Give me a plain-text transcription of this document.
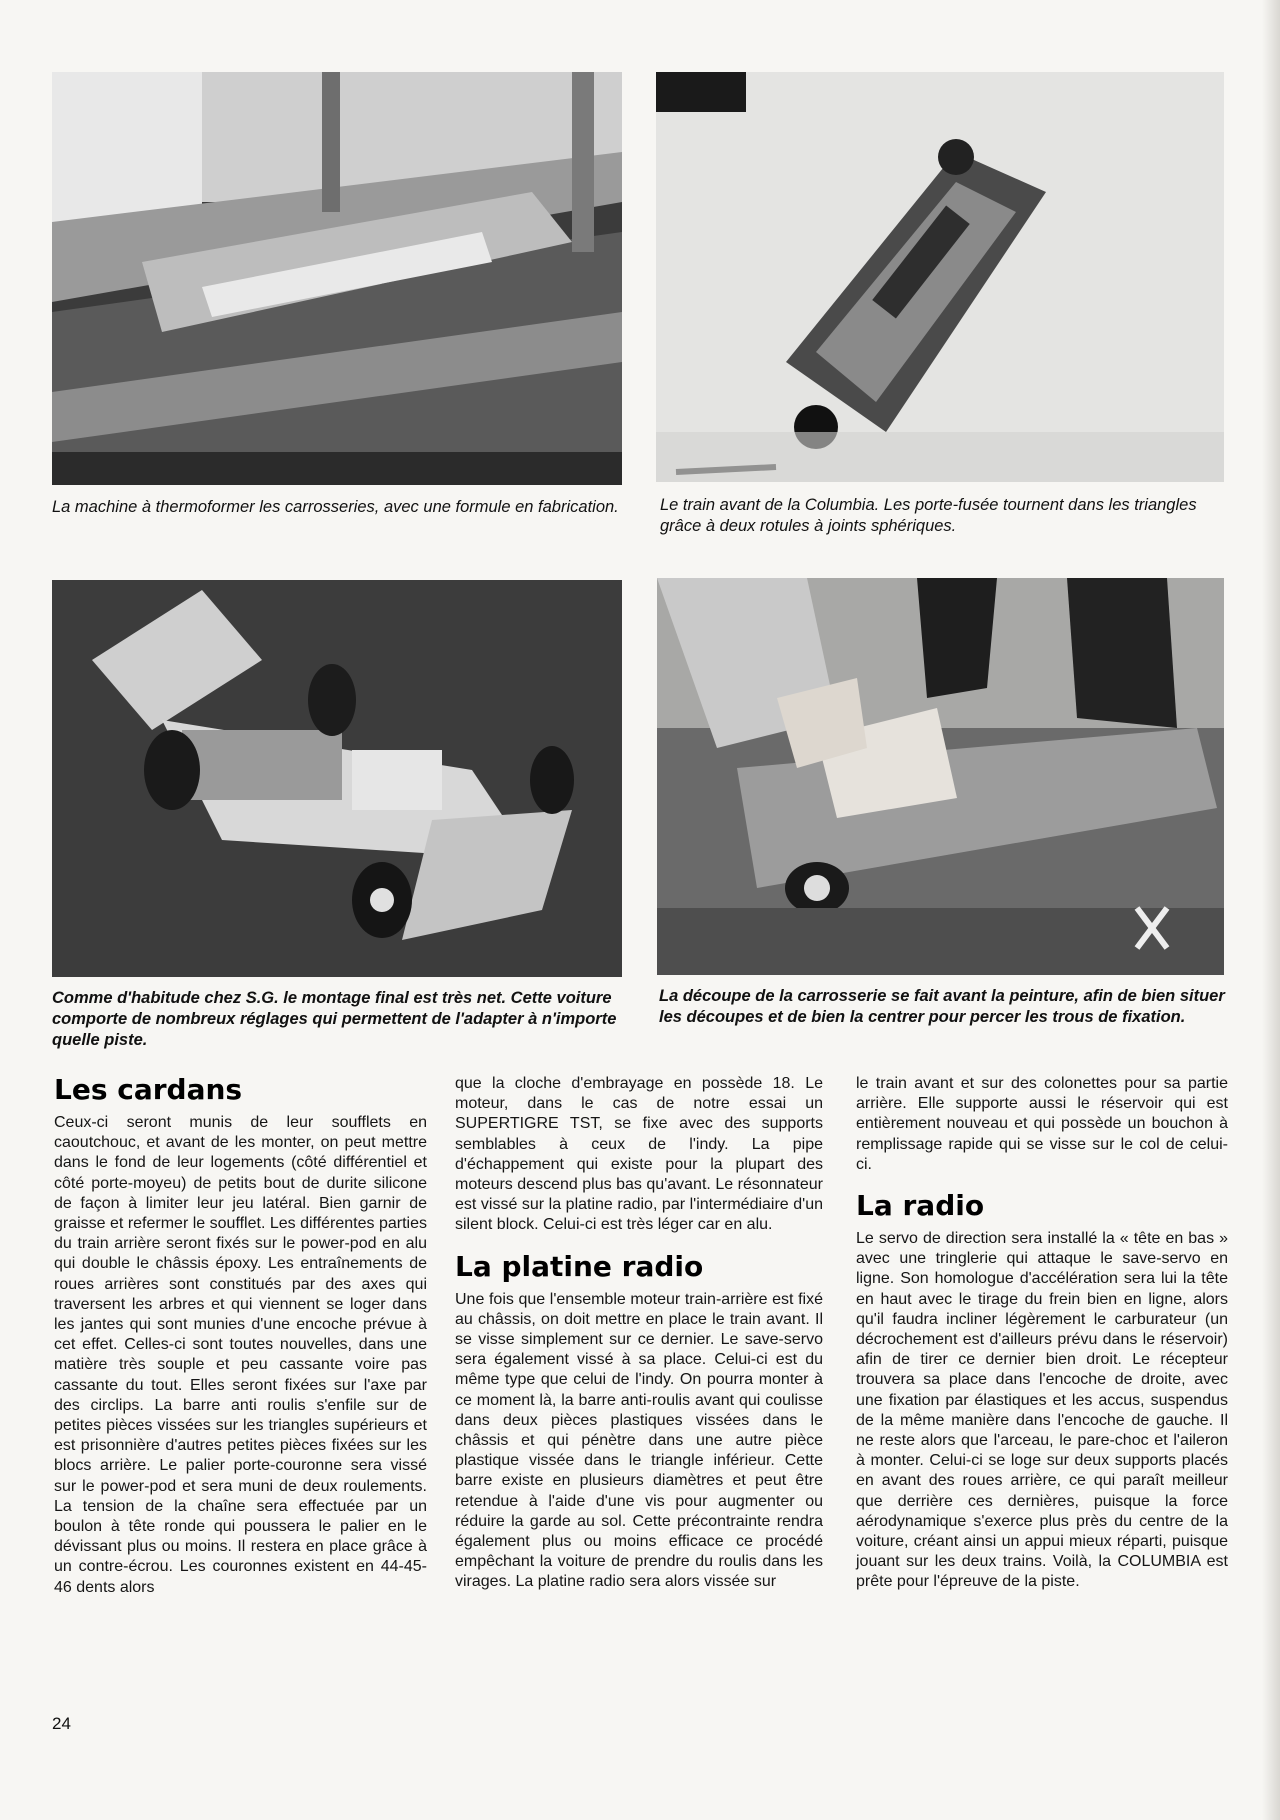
La machine à thermoformer les carrosseries, avec une formule en fabrication. Le train avant de la Columbia. Les porte-fusée tournent dans les triangles grâce à deux rotules à joints sphériques.

Comme d'habitude chez S.G. le montage final est très net. Cette voiture comporte de nombreux réglages qui permettent de l'adapter à n'importe quelle piste.

La découpe de la carrosserie se fait avant la peinture, afin de bien situer les découpes et de bien la centrer pour percer les trous de fixation.

Les cardans

Ceux-ci seront munis de leur soufflets en caoutchouc, et avant de les monter, on peut mettre dans le fond de leur logements (côté différentiel et côté porte-moyeu) de petits bout de durite silicone de façon à limiter leur jeu latéral. Bien garnir de graisse et refermer le soufflet. Les différentes parties du train arrière seront fixés sur le power-pod en alu qui double le châssis époxy. Les entraînements de roues arrières sont constitués par des axes qui traversent les arbres et qui viennent se loger dans les jantes qui sont munies d'une encoche prévue à cet effet. Celles-ci sont toutes nouvelles, dans une matière très souple et peu cassante voire pas cassante du tout. Elles seront fixées sur l'axe par des circlips. La barre anti roulis s'enfile sur de petites pièces vissées sur les triangles supérieurs et est prisonnière d'autres petites pièces fixées sur les blocs arrière. Le palier porte-couronne sera vissé sur le power-pod et sera muni de deux roulements. La tension de la chaîne sera effectuée par un boulon à tête ronde qui poussera le palier en le dévissant plus ou moins. Il restera en place grâce à un contre-écrou. Les couronnes existent en 44-45-46 dents alors

que la cloche d'embrayage en possède 18. Le moteur, dans le cas de notre essai un SUPERTIGRE TST, se fixe avec des supports semblables à ceux de l'indy. La pipe d'échappement qui existe pour la plupart des moteurs descend plus bas qu'avant. Le résonnateur est vissé sur la platine radio, par l'intermédiaire d'un silent block. Celui-ci est très léger car en alu.

La platine radio

Une fois que l'ensemble moteur train-arrière est fixé au châssis, on doit mettre en place le train avant. Il se visse simplement sur ce dernier. Le save-servo sera également vissé à sa place. Celui-ci est du même type que celui de l'indy. On pourra monter à ce moment là, la barre anti-roulis avant qui coulisse dans deux pièces plastiques vissées dans le châssis et qui pénètre dans une autre pièce plastique vissée dans le triangle inférieur. Cette barre existe en plusieurs diamètres et peut être retendue à l'aide d'une vis pour augmenter ou réduire la garde au sol. Cette précontrainte rendra également plus ou moins efficace ce procédé empêchant la voiture de prendre du roulis dans les virages. La platine radio sera alors vissée sur

le train avant et sur des colonettes pour sa partie arrière. Elle supporte aussi le réservoir qui est entièrement nouveau et qui possède un bouchon à remplissage rapide qui se visse sur le col de celui-ci.

La radio

Le servo de direction sera installé la « tête en bas » avec une tringlerie qui attaque le save-servo en ligne. Son homologue d'accélération sera lui la tête en haut avec le tirage du frein bien en ligne, alors qu'il faudra incliner légèrement le carburateur (un décrochement est d'ailleurs prévu dans le réservoir) afin de tirer ce dernier bien droit. Le récepteur trouvera sa place dans l'encoche de droite, avec une fixation par élastiques et les accus, suspendus de la même manière dans l'encoche de gauche. Il ne reste alors que l'arceau, le pare-choc et l'aileron à monter. Celui-ci se loge sur deux supports placés en avant des roues arrière, ce qui paraît meilleur que derrière ces dernières, puisque la force aérodynamique s'exerce plus près du centre de la voiture, créant ainsi un appui mieux réparti, puisque jouant sur les deux trains. Voilà, la COLUMBIA est prête pour l'épreuve de la piste.

24
